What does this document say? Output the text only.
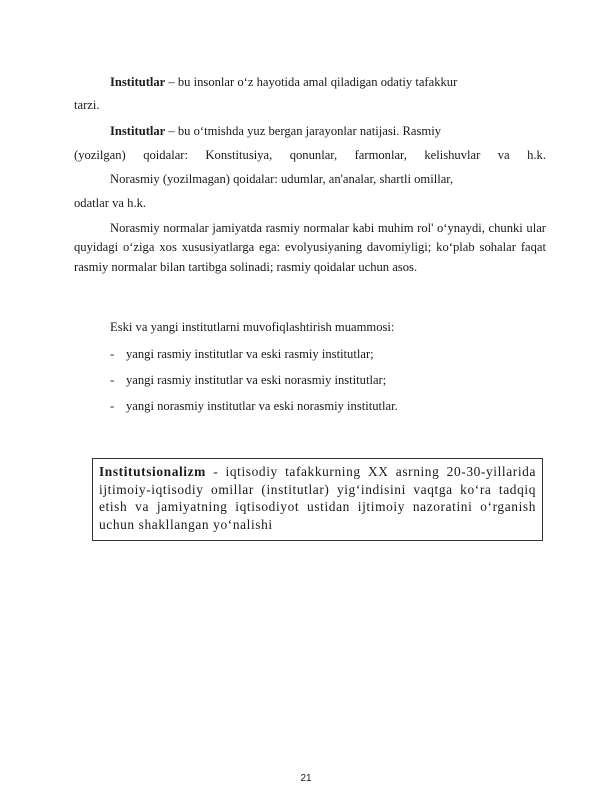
Institutlar – bu insonlar o‘z hayotida amal qiladigan odatiy tafakkur
tarzi.
Institutlar – bu o‘tmishda yuz bergan jarayonlar natijasi. Rasmiy
(yozilgan) qoidalar: Konstitusiya, qonunlar, farmonlar, kelishuvlar va h.k.
Norasmiy (yozilmagan) qoidalar: udumlar, an'analar, shartli omillar,
odatlar va h.k.
Norasmiy normalar jamiyatda rasmiy normalar kabi muhim rol' o‘ynaydi, chunki ular quyidagi o‘ziga xos xususiyatlarga ega: evolyusiyaning davomiyligi; ko‘plab sohalar faqat rasmiy normalar bilan tartibga solinadi; rasmiy qoidalar uchun asos.
Eski va yangi institutlarni muvofiqlashtirish muammosi:
- yangi rasmiy institutlar va eski rasmiy institutlar;
- yangi rasmiy institutlar va eski norasmiy institutlar;
- yangi norasmiy institutlar va eski norasmiy institutlar.
Institutsionalizm - iqtisodiy tafakkurning XX asrning 20-30-yillarida ijtimoiy-iqtisodiy omillar (institutlar) yig‘indisini vaqtga ko‘ra tadqiq etish va jamiyatning iqtisodiyot ustidan ijtimoiy nazoratini o‘rganish uchun shakllangan yo‘nalishi
21
